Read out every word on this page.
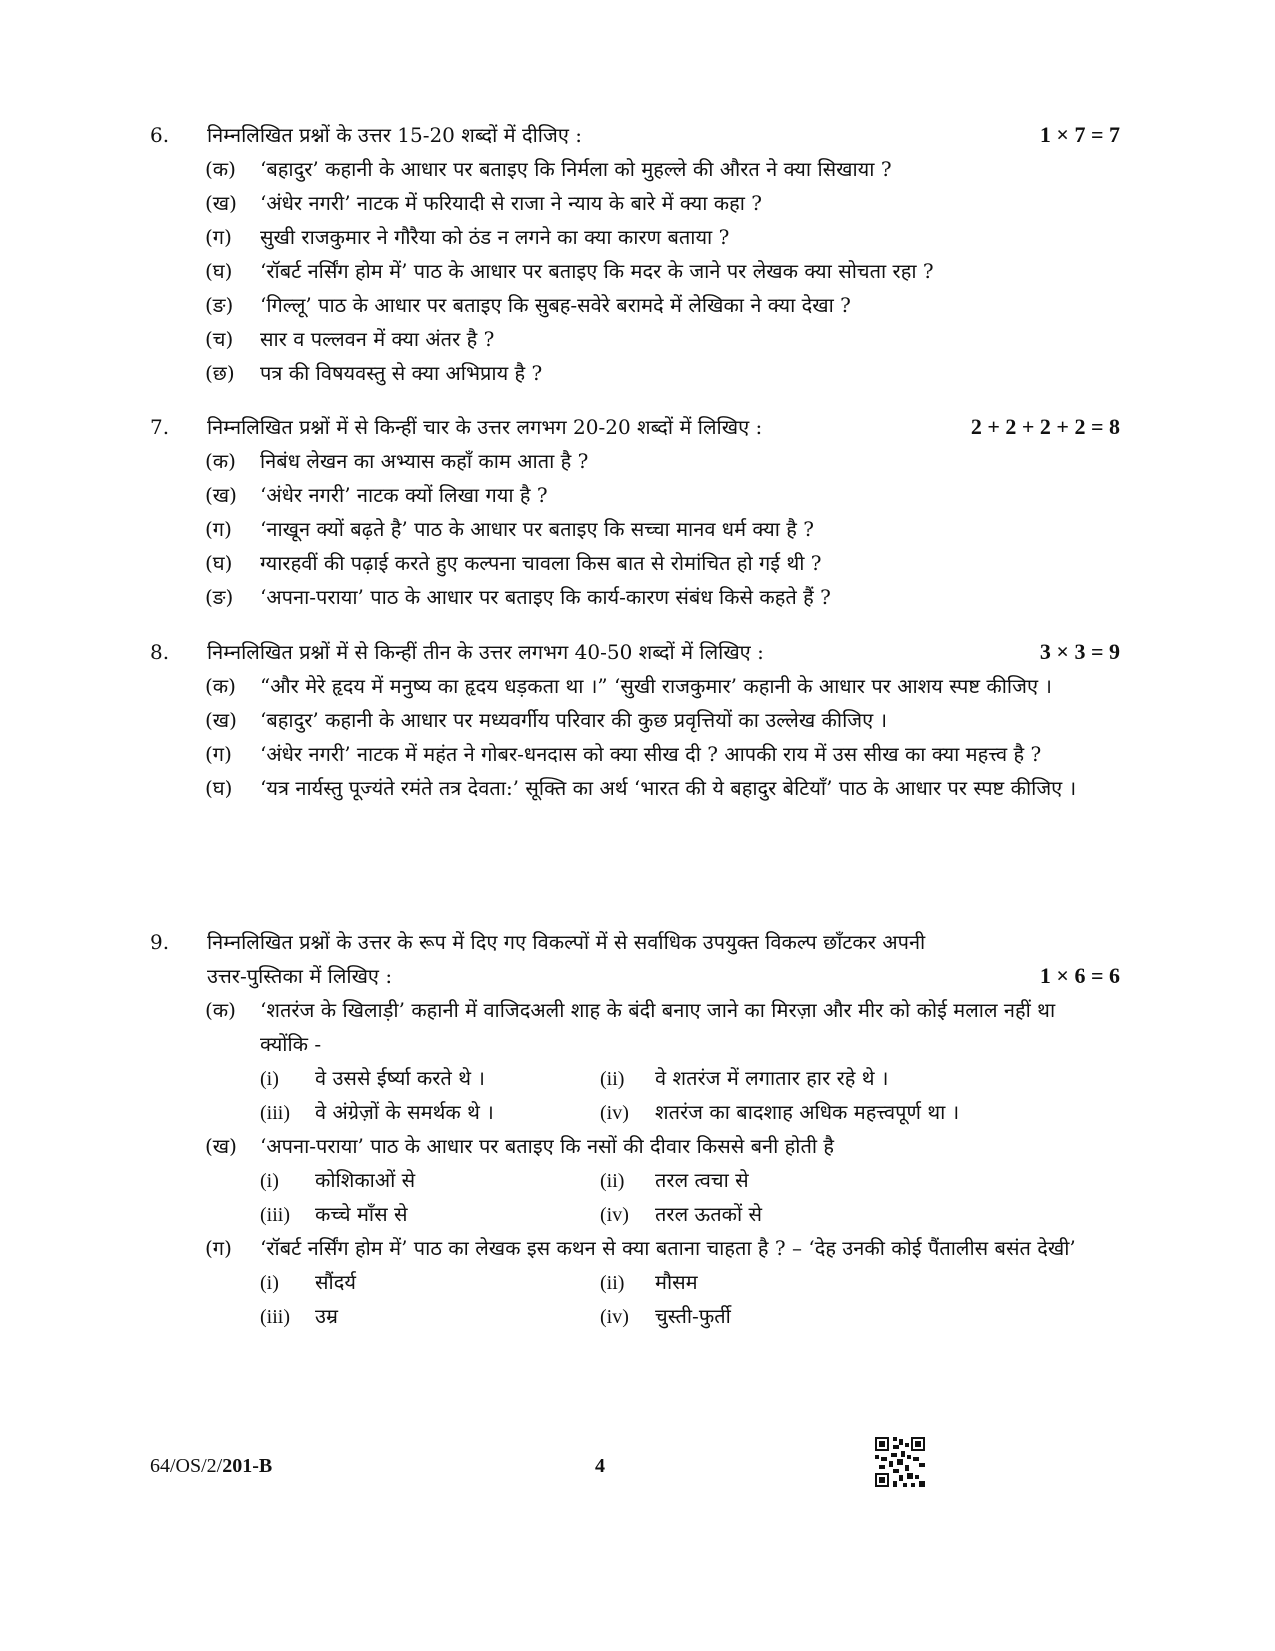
6. निम्नलिखित प्रश्नों के उत्तर 15-20 शब्दों में दीजिए :	1 × 7 = 7
(क) ‘बहादुर’ कहानी के आधार पर बताइए कि निर्मला को मुहल्ले की औरत ने क्या सिखाया ?
(ख) ‘अंधेर नगरी’ नाटक में फरियादी से राजा ने न्याय के बारे में क्या कहा ?
(ग) सुखी राजकुमार ने गौरैया को ठंड न लगने का क्या कारण बताया ?
(घ) ‘रॉबर्ट नर्सिंग होम में’ पाठ के आधार पर बताइए कि मदर के जाने पर लेखक क्या सोचता रहा ?
(ङ) ‘गिल्लू’ पाठ के आधार पर बताइए कि सुबह-सवेरे बरामदे में लेखिका ने क्या देखा ?
(च) सार व पल्लवन में क्या अंतर है ?
(छ) पत्र की विषयवस्तु से क्या अभिप्राय है ?
7. निम्नलिखित प्रश्नों में से किन्हीं चार के उत्तर लगभग 20-20 शब्दों में लिखिए :	2 + 2 + 2 + 2 = 8
(क) निबंध लेखन का अभ्यास कहाँ काम आता है ?
(ख) ‘अंधेर नगरी’ नाटक क्यों लिखा गया है ?
(ग) ‘नाखून क्यों बढ़ते है’ पाठ के आधार पर बताइए कि सच्चा मानव धर्म क्या है ?
(घ) ग्यारहवीं की पढ़ाई करते हुए कल्पना चावला किस बात से रोमांचित हो गई थी ?
(ङ) ‘अपना-पराया’ पाठ के आधार पर बताइए कि कार्य-कारण संबंध किसे कहते हैं ?
8. निम्नलिखित प्रश्नों में से किन्हीं तीन के उत्तर लगभग 40-50 शब्दों में लिखिए :	3 × 3 = 9
(क) “और मेरे हृदय में मनुष्य का हृदय धड़कता था ।” ‘सुखी राजकुमार’ कहानी के आधार पर आशय स्पष्ट कीजिए ।
(ख) ‘बहादुर’ कहानी के आधार पर मध्यवर्गीय परिवार की कुछ प्रवृत्तियों का उल्लेख कीजिए ।
(ग) ‘अंधेर नगरी’ नाटक में महंत ने गोबर-धनदास को क्या सीख दी ? आपकी राय में उस सीख का क्या महत्त्व है ?
(घ) ‘यत्र नार्यस्तु पूज्यंते रमंते तत्र देवता:’ सूक्ति का अर्थ ‘भारत की ये बहादुर बेटियाँ’ पाठ के आधार पर स्पष्ट कीजिए ।
9. निम्नलिखित प्रश्नों के उत्तर के रूप में दिए गए विकल्पों में से सर्वाधिक उपयुक्त विकल्प छाँटकर अपनी
उत्तर-पुस्तिका में लिखिए :	1 × 6 = 6
(क) ‘शतरंज के खिलाड़ी’ कहानी में वाजिदअली शाह के बंदी बनाए जाने का मिरज़ा और मीर को कोई मलाल नहीं था क्योंकि -
(i) वे उससे ईर्ष्या करते थे ।	(ii) वे शतरंज में लगातार हार रहे थे ।
(iii) वे अंग्रेज़ों के समर्थक थे ।	(iv) शतरंज का बादशाह अधिक महत्त्वपूर्ण था ।
(ख) ‘अपना-पराया’ पाठ के आधार पर बताइए कि नसों की दीवार किससे बनी होती है
(i) कोशिकाओं से	(ii) तरल त्वचा से
(iii) कच्चे माँस से	(iv) तरल ऊतकों से
(ग) ‘रॉबर्ट नर्सिंग होम में’ पाठ का लेखक इस कथन से क्या बताना चाहता है ? – ‘देह उनकी कोई पैंतालीस बसंत देखी’
(i) सौंदर्य	(ii) मौसम
(iii) उम्र	(iv) चुस्ती-फुर्ती
64/OS/2/201-B	4
